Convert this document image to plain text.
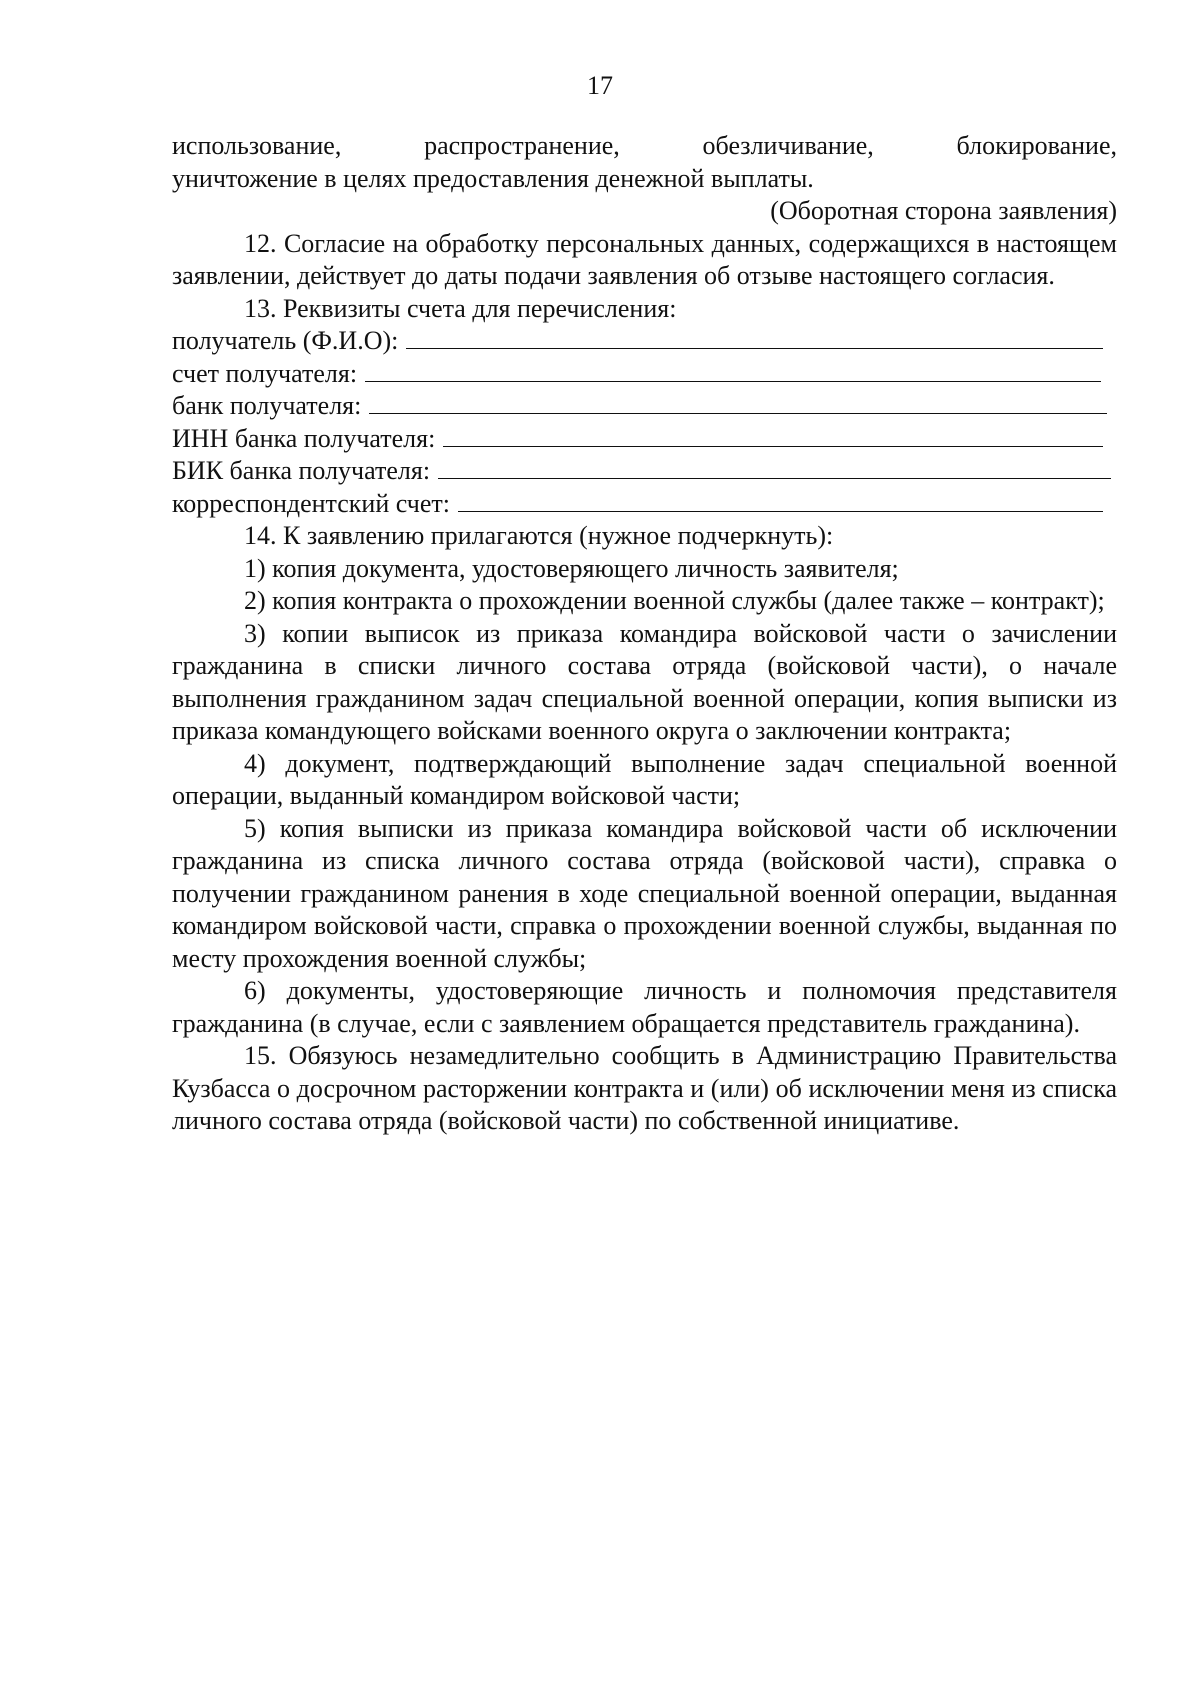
17

использование, распространение, обезличивание, блокирование,

уничтожение в целях предоставления денежной выплаты.

(Оборотная сторона заявления)

12. Согласие на обработку персональных данных, содержащихся в настоящем заявлении, действует до даты подачи заявления об отзыве настоящего согласия.

13. Реквизиты счета для перечисления:

получатель (Ф.И.О):
счет получателя:
банк получателя:
ИНН банка получателя:
БИК банка получателя:
корреспондентский счет:

14. К заявлению прилагаются (нужное подчеркнуть):

1) копия документа, удостоверяющего личность заявителя;

2) копия контракта о прохождении военной службы (далее также – контракт);

3) копии выписок из приказа командира войсковой части о зачислении гражданина в списки личного состава отряда (войсковой части), о начале выполнения гражданином задач специальной военной операции, копия выписки из приказа командующего войсками военного округа о заключении контракта;

4) документ, подтверждающий выполнение задач специальной военной операции, выданный командиром войсковой части;

5) копия выписки из приказа командира войсковой части об исключении гражданина из списка личного состава отряда (войсковой части), справка о получении гражданином ранения в ходе специальной военной операции, выданная командиром войсковой части, справка о прохождении военной службы, выданная по месту прохождения военной службы;

6) документы, удостоверяющие личность и полномочия представителя гражданина (в случае, если с заявлением обращается представитель гражданина).

15. Обязуюсь незамедлительно сообщить в Администрацию Правительства Кузбасса о досрочном расторжении контракта и (или) об исключении меня из списка личного состава отряда (войсковой части) по собственной инициативе.
